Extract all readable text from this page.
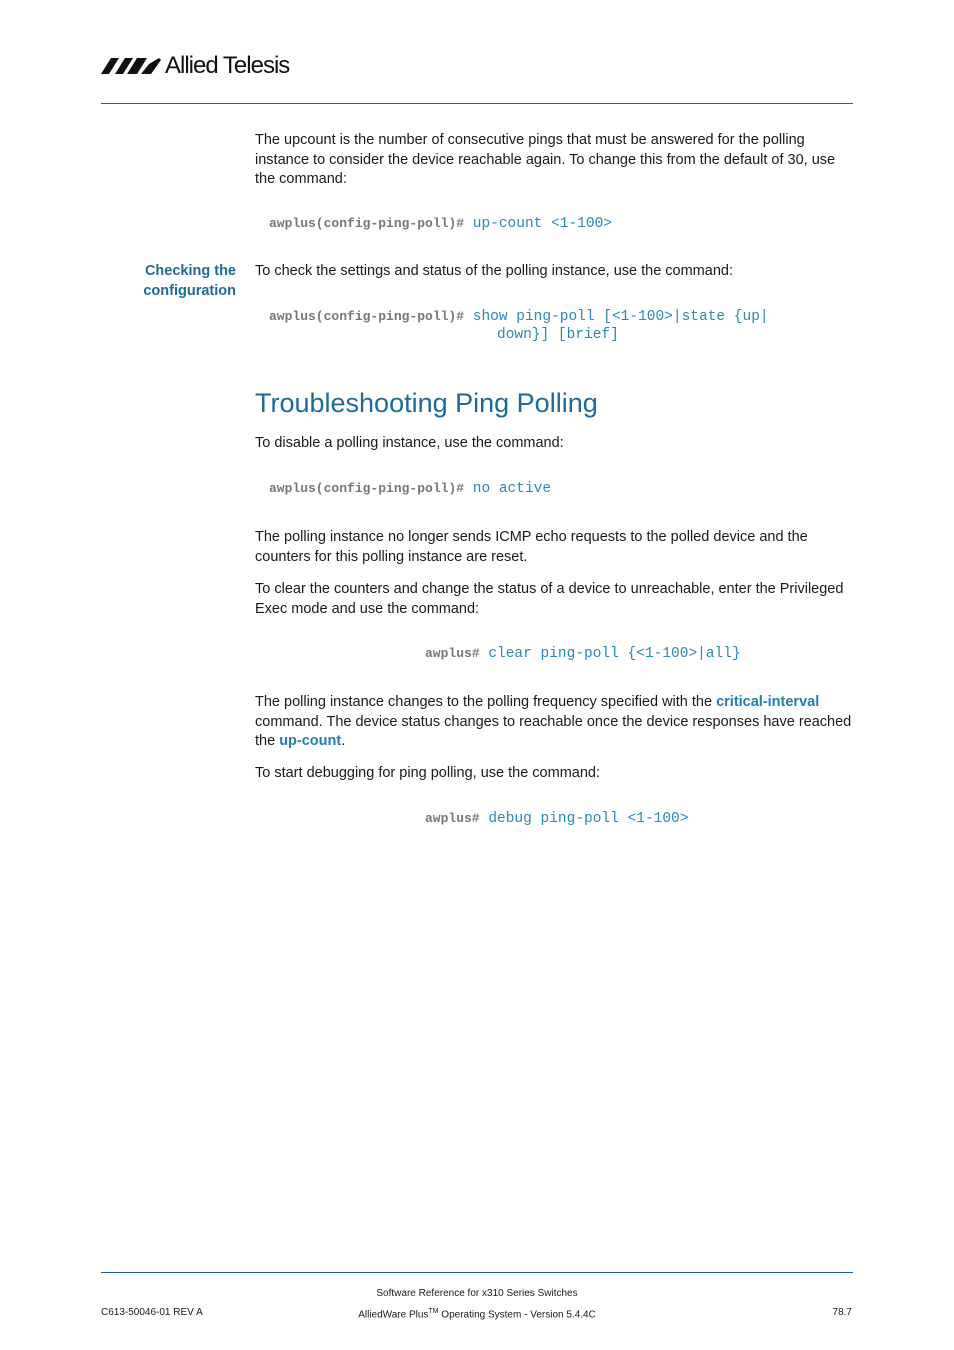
Allied Telesis

The upcount is the number of consecutive pings that must be answered for the polling instance to consider the device reachable again. To change this from the default of 30, use the command:

awplus(config-ping-poll)# up-count <1-100>
Checking the configuration

To check the settings and status of the polling instance, use the command:

awplus(config-ping-poll)# show ping-poll [<1-100>|state {up|
down}] [brief]
Troubleshooting Ping Polling

To disable a polling instance, use the command:

awplus(config-ping-poll)# no active

The polling instance no longer sends ICMP echo requests to the polled device and the counters for this polling instance are reset.

To clear the counters and change the status of a device to unreachable, enter the Privileged Exec mode and use the command:

awplus# clear ping-poll {<1-100>|all}

The polling instance changes to the polling frequency specified with the critical-interval command. The device status changes to reachable once the device responses have reached the up-count.

To start debugging for ping polling, use the command:

awplus# debug ping-poll <1-100>
Software Reference for x310 Series Switches
AlliedWare Plus™ Operating System - Version 5.4.4C
C613-50046-01 REV A	78.7
